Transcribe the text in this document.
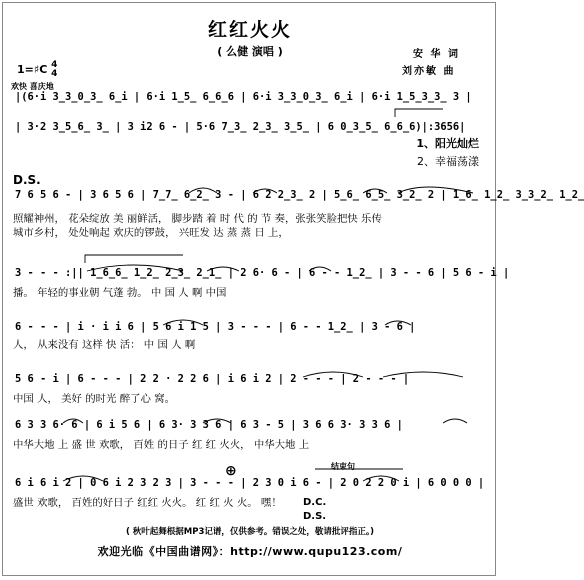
红红火火
( 么健 演唱 )	安 华 词
刘亦敏 曲
1=♯C 4
4
欢快 喜庆地
|(6·i 3̲3̲0̲3̲ 6̲i | 6·i 1̲5̲ 6̲6̲6 | 6·i 3̲3̲0̲3̲ 6̲i | 6·i 1̲5̲3̲3̲ 3 |
| 3·2 3̲5̲6̲ 3̲ | 3 i2 6 - | 5·6 7̲3̲ 2̲3̲ 3̲5̲ | 6 0̲3̲5̲ 6̲6̲6)|:3656|
1、阳光灿烂
2、幸福荡漾
D.S.
7 6 5 6 - | 3 6 5 6 | 7̲7̲ 6̲2̲ 3 - | 6 2 2̲3̲ 2 | 5̲6̲ 6̲5̲ 3̲2̲ 2 | 1̲6̲ 1̲2̲ 3̲3̲2̲ 1̲2̲
照耀神州， 花朵绽放 美 丽鲜活， 脚步踏 着 时 代 的 节 奏，张张笑脸把快 乐传
城市乡村， 处处响起 欢庆的锣鼓， 兴旺发 达 蒸 蒸 日 上，
3 - - - :|| 1̲6̲6̲ 1̲2̲ 2̲3̲ 2̲1̲ | 2 6· 6 - | 6 - - 1̲2̲ | 3 - - 6 | 5 6 - i |
播。 年轻的事业朝 气蓬 勃。 中 国 人 啊 中国
6 - - - | i · i i 6 | 5 6 i 1 5 | 3 - - - | 6 - - 1̲2̲ | 3 - 6 |
人， 从来没有 这样 快 活： 中 国 人 啊
5 6 - i | 6 - - - | 2 2 · 2 2 6 | i 6 i 2 | 2 - - - | 2 - - - |
中国 人， 美好 的时光 醉了心 窝。
6 3 3 6· 6 | 6 i 5 6 | 6 3· 3 3 6 | 6 3 - 5 | 3 6 6 3· 3 3 6 |
中华大地 上 盛 世 欢歌， 百姓 的日子 红 红 火火， 中华大地 上
⊕	结束句
6 i 6 i 2 | 0 6 i 2 3 2 3 | 3 - - - | 2 3 0 i 6 - | 2 0 2 2 0 i | 6 0 0 0 |
盛世 欢歌， 百姓的好日子 红红 火火。 红 红 火 火。 嘿！	D.C.
D.S.
( 秋叶起舞根据MP3记谱，仅供参考。错误之处，敬请批评指正。)
欢迎光临《中国曲谱网》：http://www.qupu123.com/
